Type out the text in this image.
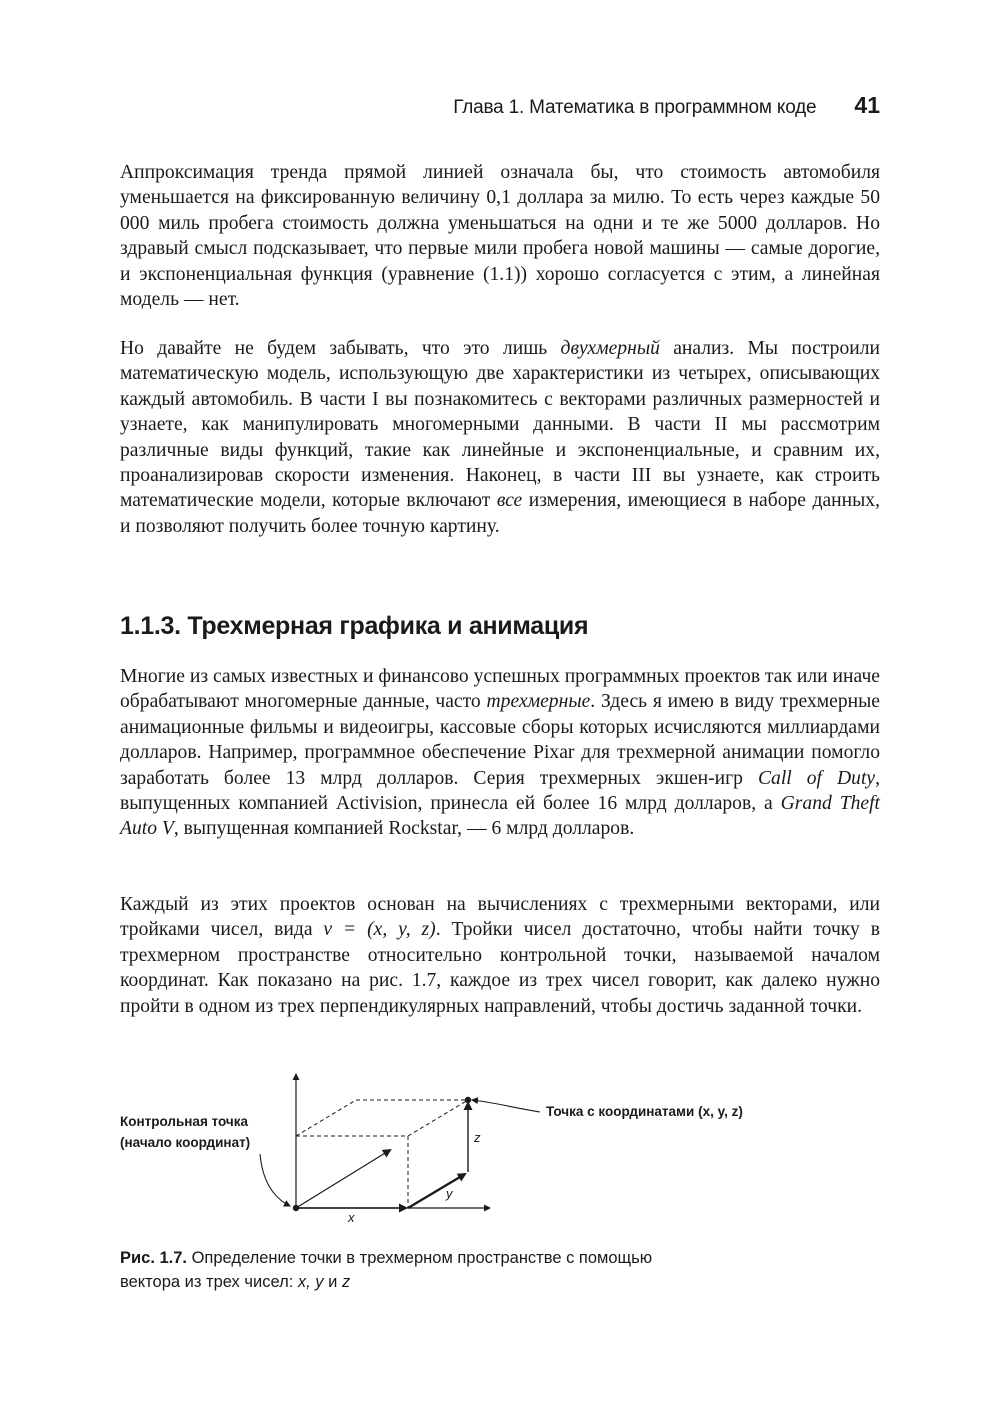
Глава 1. Математика в программном коде 41

Аппроксимация тренда прямой линией означала бы, что стоимость автомобиля уменьшается на фиксированную величину 0,1 доллара за милю. То есть через каждые 50 000 миль пробега стоимость должна уменьшаться на одни и те же 5000 долларов. Но здравый смысл подсказывает, что первые мили пробега новой машины — самые дорогие, и экспоненциальная функция (уравнение (1.1)) хорошо согласуется с этим, а линейная модель — нет.

Но давайте не будем забывать, что это лишь двухмерный анализ. Мы построили математическую модель, использующую две характеристики из четырех, описывающих каждый автомобиль. В части I вы познакомитесь с векторами различных размерностей и узнаете, как манипулировать многомерными данными. В части II мы рассмотрим различные виды функций, такие как линейные и экспоненциальные, и сравним их, проанализировав скорости изменения. Наконец, в части III вы узнаете, как строить математические модели, которые включают все измерения, имеющиеся в наборе данных, и позволяют получить более точную картину.

1.1.3. Трехмерная графика и анимация

Многие из самых известных и финансово успешных программных проектов так или иначе обрабатывают многомерные данные, часто трехмерные. Здесь я имею в виду трехмерные анимационные фильмы и видеоигры, кассовые сборы которых исчисляются миллиардами долларов. Например, программное обеспечение Pixar для трехмерной анимации помогло заработать более 13 млрд долларов. Серия трехмерных экшен-игр Call of Duty, выпущенных компанией Activision, принесла ей более 16 млрд долларов, а Grand Theft Auto V, выпущенная компанией Rockstar, — 6 млрд долларов.

Каждый из этих проектов основан на вычислениях с трехмерными векторами, или тройками чисел, вида v = (x, y, z). Тройки чисел достаточно, чтобы найти точку в трехмерном пространстве относительно контрольной точки, называемой началом координат. Как показано на рис. 1.7, каждое из трех чисел говорит, как далеко нужно пройти в одном из трех перпендикулярных направлений, чтобы достичь заданной точки.

x
y
z
Контрольная точка
(начало координат)
Точка с координатами (x, y, z)

Рис. 1.7. Определение точки в трехмерном пространстве с помощью вектора из трех чисел: x, y и z
